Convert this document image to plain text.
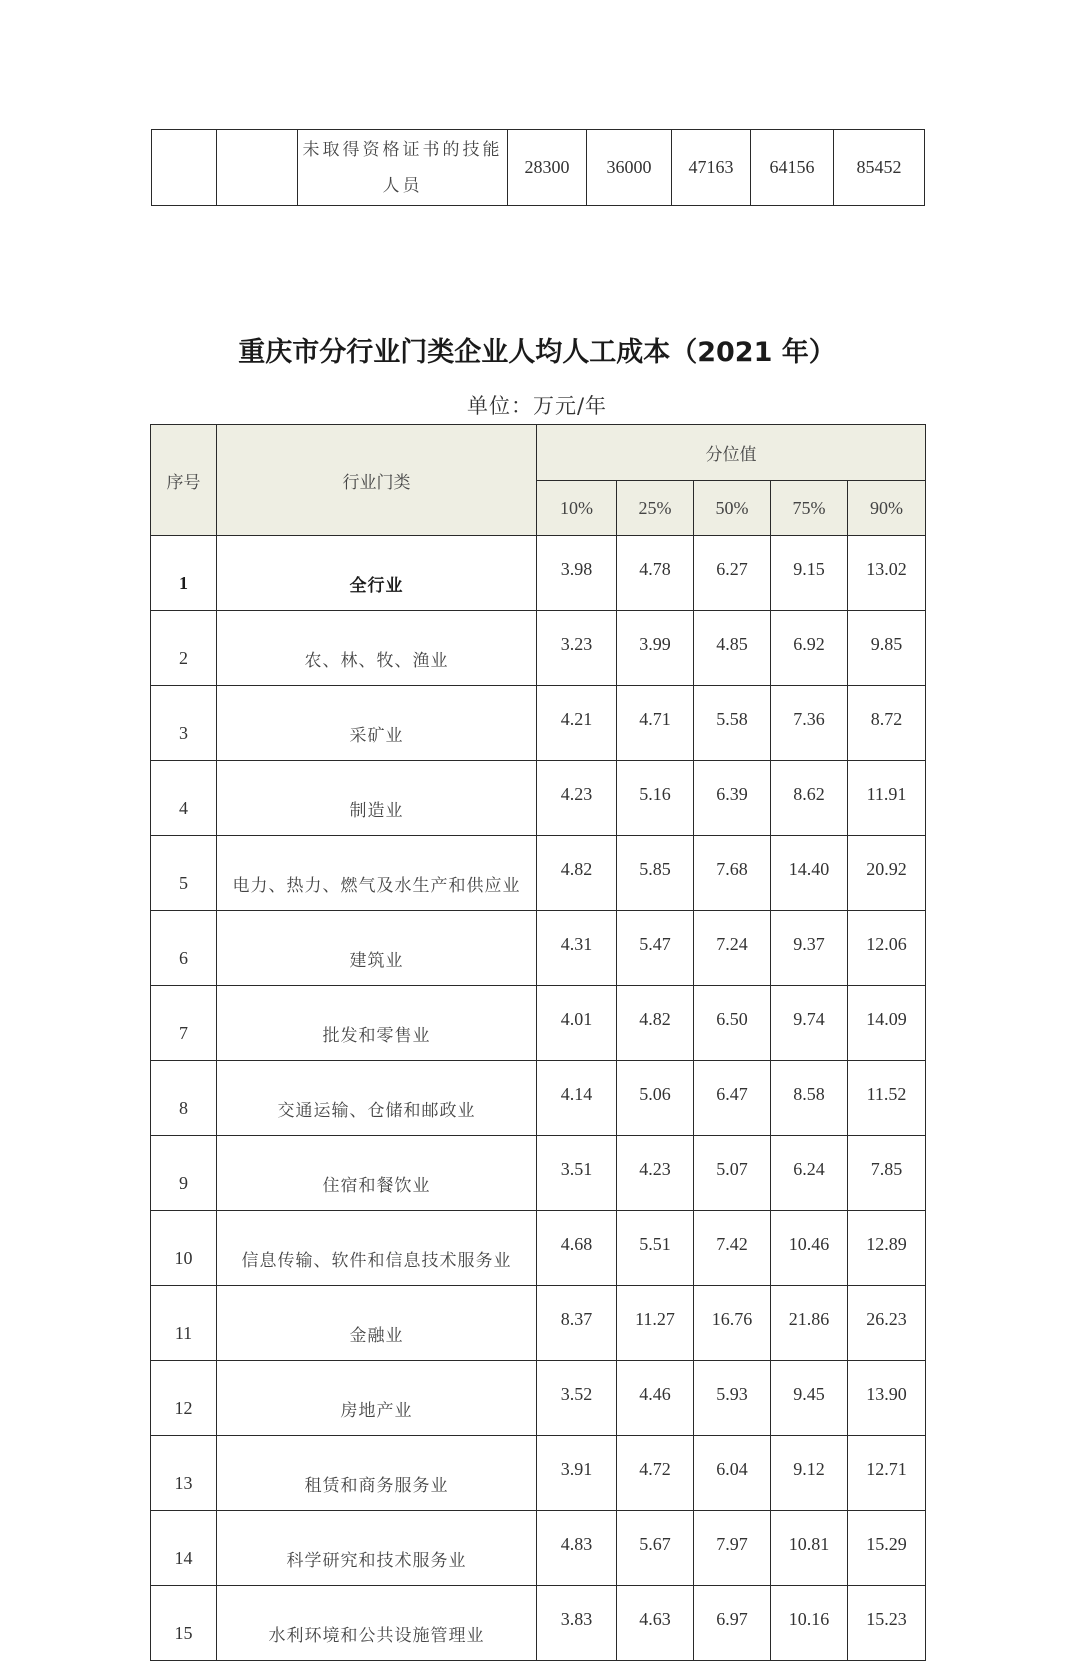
		未取得资格证书的技能人员	28300	36000	47163	64156	85452
重庆市分行业门类企业人均人工成本（2021 年）
单位：万元/年
序号	行业门类	分位值				
		10%	25%	50%	75%	90%
1	全行业	3.98	4.78	6.27	9.15	13.02
2	农、林、牧、渔业	3.23	3.99	4.85	6.92	9.85
3	采矿业	4.21	4.71	5.58	7.36	8.72
4	制造业	4.23	5.16	6.39	8.62	11.91
5	电力、热力、燃气及水生产和供应业	4.82	5.85	7.68	14.40	20.92
6	建筑业	4.31	5.47	7.24	9.37	12.06
7	批发和零售业	4.01	4.82	6.50	9.74	14.09
8	交通运输、仓储和邮政业	4.14	5.06	6.47	8.58	11.52
9	住宿和餐饮业	3.51	4.23	5.07	6.24	7.85
10	信息传输、软件和信息技术服务业	4.68	5.51	7.42	10.46	12.89
11	金融业	8.37	11.27	16.76	21.86	26.23
12	房地产业	3.52	4.46	5.93	9.45	13.90
13	租赁和商务服务业	3.91	4.72	6.04	9.12	12.71
14	科学研究和技术服务业	4.83	5.67	7.97	10.81	15.29
15	水利环境和公共设施管理业	3.83	4.63	6.97	10.16	15.23
